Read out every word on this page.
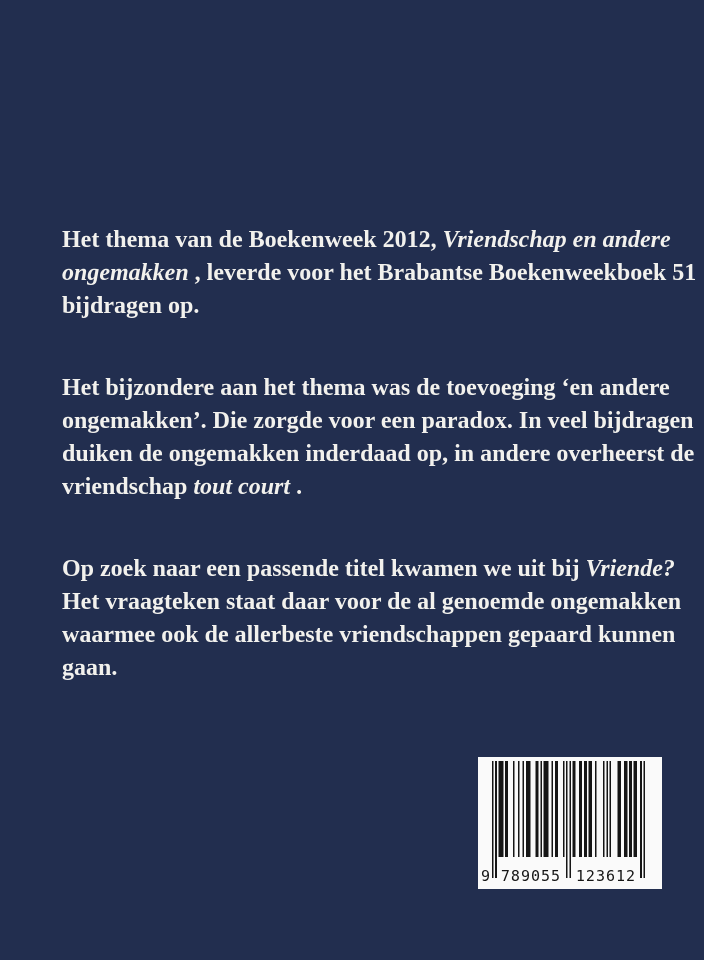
Het thema van de Boekenweek 2012, Vriendschap en andere
ongemakken , leverde voor het Brabantse Boekenweekboek 51
bijdragen op.
Het bijzondere aan het thema was de toevoeging ‘en andere
ongemakken’. Die zorgde voor een paradox. In veel bijdragen
duiken de ongemakken inderdaad op, in andere overheerst de
vriendschap tout court .
Op zoek naar een passende titel kwamen we uit bij Vriende?
Het vraagteken staat daar voor de al genoemde ongemakken
waarmee ook de allerbeste vriendschappen gepaard kunnen
gaan.
9 789055 123612
